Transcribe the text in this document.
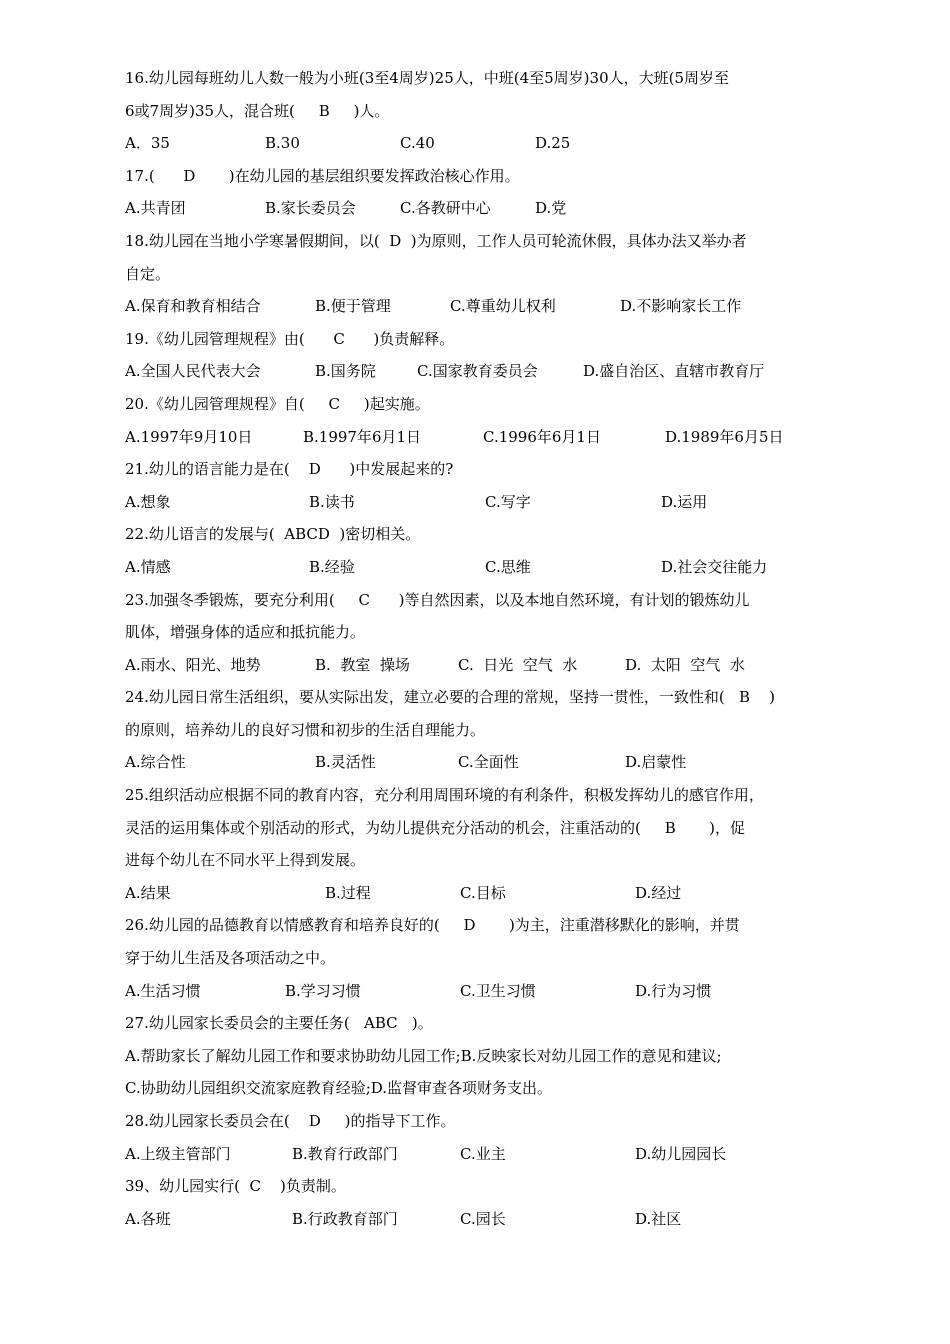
16.幼儿园每班幼儿人数一般为小班(3至4周岁)25人，中班(4至5周岁)30人，大班(5周岁至
6或7周岁)35人，混合班(     B     )人。
A．35	B.30	C.40	D.25
17.(      D       )在幼儿园的基层组织要发挥政治核心作用。
A.共青团	B.家长委员会	C.各教研中心	D.党
18.幼儿园在当地小学寒暑假期间，以(  D  )为原则，工作人员可轮流休假，具体办法又举办者
自定。
A.保育和教育相结合	B.便于管理	C.尊重幼儿权利	D.不影响家长工作
19.《幼儿园管理规程》由(      C      )负责解释。
A.全国人民代表大会	B.国务院	C.国家教育委员会	D.盛自治区、直辖市教育厅
20.《幼儿园管理规程》自(     C     )起实施。
A.1997年9月10日	B.1997年6月1日	C.1996年6月1日	D.1989年6月5日
21.幼儿的语言能力是在(    D      )中发展起来的?
A.想象	B.读书	C.写字	D.运用
22.幼儿语言的发展与(  ABCD  )密切相关。
A.情感	B.经验	C.思维	D.社会交往能力
23.加强冬季锻炼，要充分利用(     C      )等自然因素，以及本地自然环境，有计划的锻炼幼儿
肌体，增强身体的适应和抵抗能力。
A.雨水、阳光、地势	B.  教室  操场	C.  日光  空气  水	D.  太阳  空气  水
24.幼儿园日常生活组织，要从实际出发，建立必要的合理的常规，坚持一贯性，一致性和(   B    )
的原则，培养幼儿的良好习惯和初步的生活自理能力。
A.综合性	B.灵活性	C.全面性	D.启蒙性
25.组织活动应根据不同的教育内容，充分利用周围环境的有利条件，积极发挥幼儿的感官作用，
灵活的运用集体或个别活动的形式，为幼儿提供充分活动的机会，注重活动的(     B       )，促
进每个幼儿在不同水平上得到发展。
A.结果	B.过程	C.目标	D.经过
26.幼儿园的品德教育以情感教育和培养良好的(     D       )为主，注重潜移默化的影响，并贯
穿于幼儿生活及各项活动之中。
A.生活习惯	B.学习习惯	C.卫生习惯	D.行为习惯
27.幼儿园家长委员会的主要任务(   ABC   )。
A.帮助家长了解幼儿园工作和要求协助幼儿园工作;B.反映家长对幼儿园工作的意见和建议;
C.协助幼儿园组织交流家庭教育经验;D.监督审查各项财务支出。
28.幼儿园家长委员会在(    D     )的指导下工作。
A.上级主管部门	B.教育行政部门	C.业主	D.幼儿园园长
39、幼儿园实行(  C    )负责制。
A.各班	B.行政教育部门	C.园长	D.社区
